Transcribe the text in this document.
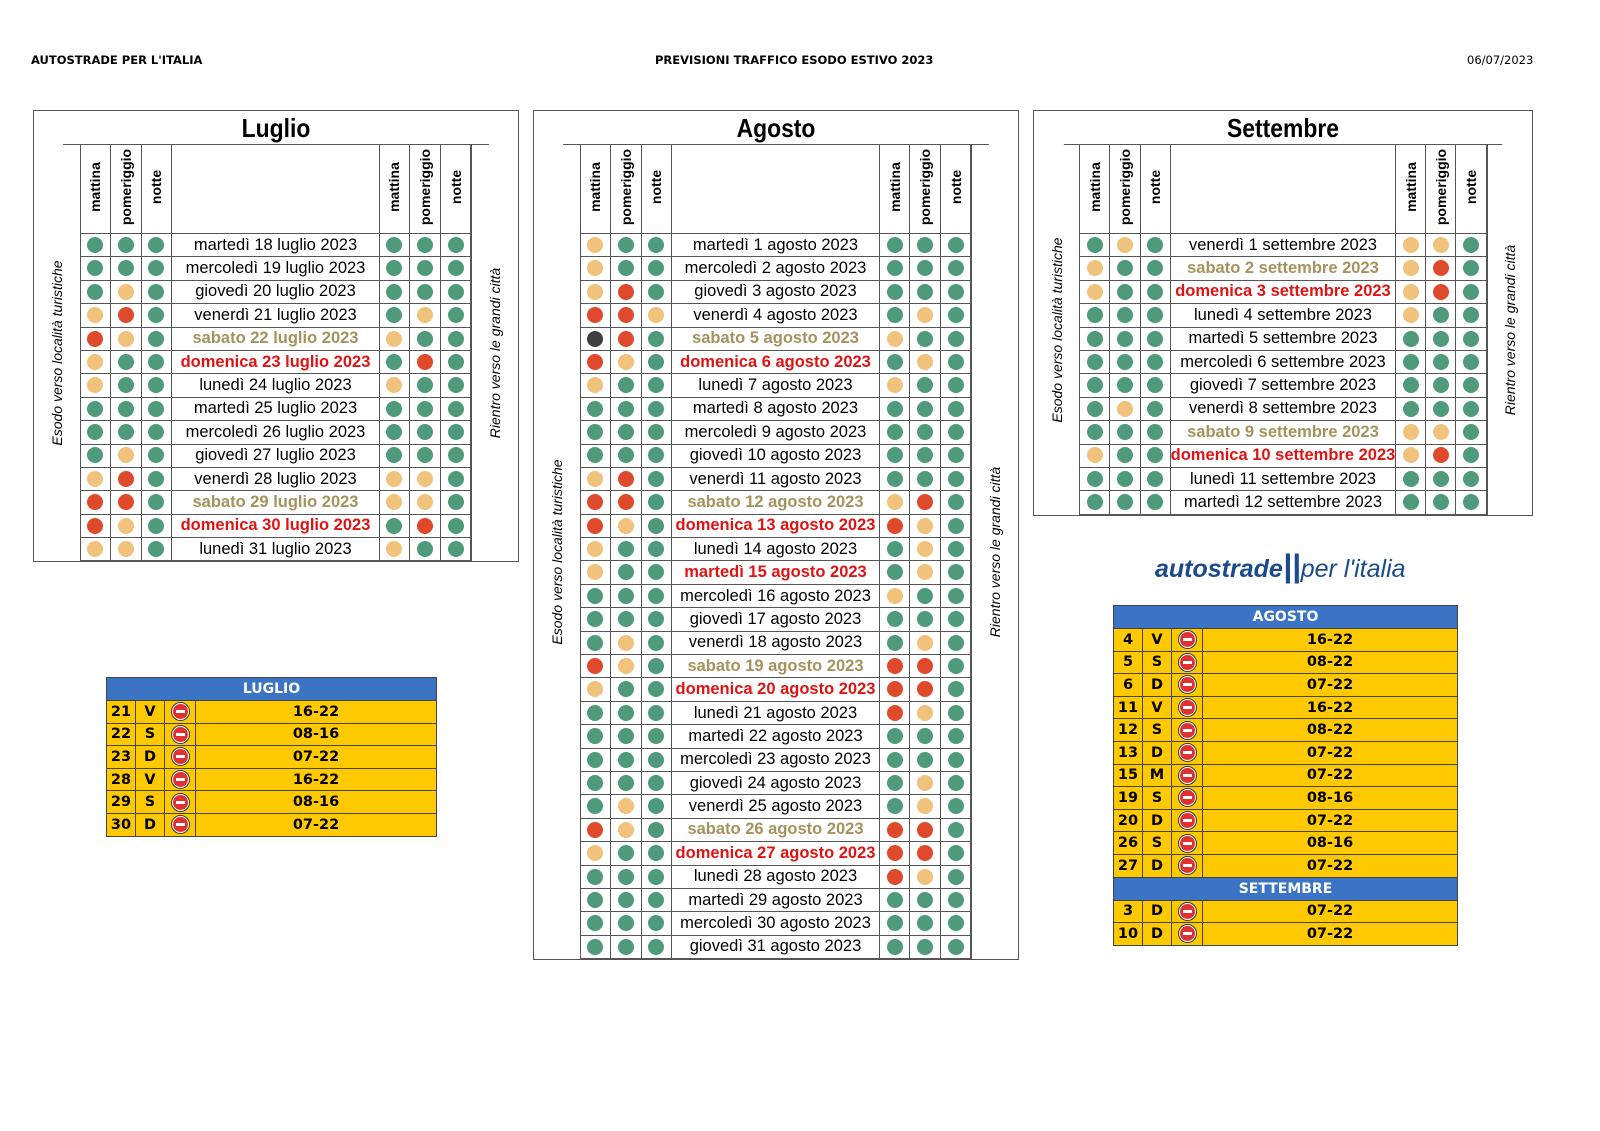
AUTOSTRADE PER L'ITALIA	PREVISIONI TRAFFICO ESODO ESTIVO 2023	06/07/2023
Luglio
Esodo verso località turistiche
mattina	pomeriggio	notte		mattina	pomeriggio	notte

			martedì 18 luglio 2023			
			mercoledì 19 luglio 2023			
			giovedì 20 luglio 2023			
			venerdì 21 luglio 2023			
			sabato 22 luglio 2023			
			domenica 23 luglio 2023			
			lunedì 24 luglio 2023			
			martedì 25 luglio 2023			
			mercoledì 26 luglio 2023			
			giovedì 27 luglio 2023			
			venerdì 28 luglio 2023			
			sabato 29 luglio 2023			
			domenica 30 luglio 2023			
			lunedì 31 luglio 2023			
Rientro verso le grandi città
Agosto
Esodo verso località turistiche
mattina	pomeriggio	notte		mattina	pomeriggio	notte

			martedì 1 agosto 2023			
			mercoledì 2 agosto 2023			
			giovedì 3 agosto 2023			
			venerdì 4 agosto 2023			
			sabato 5 agosto 2023			
			domenica 6 agosto 2023			
			lunedì 7 agosto 2023			
			martedì 8 agosto 2023			
			mercoledì 9 agosto 2023			
			giovedì 10 agosto 2023			
			venerdì 11 agosto 2023			
			sabato 12 agosto 2023			
			domenica 13 agosto 2023			
			lunedì 14 agosto 2023			
			martedì 15 agosto 2023			
			mercoledì 16 agosto 2023			
			giovedì 17 agosto 2023			
			venerdì 18 agosto 2023			
			sabato 19 agosto 2023			
			domenica 20 agosto 2023			
			lunedì 21 agosto 2023			
			martedì 22 agosto 2023			
			mercoledì 23 agosto 2023			
			giovedì 24 agosto 2023			
			venerdì 25 agosto 2023			
			sabato 26 agosto 2023			
			domenica 27 agosto 2023			
			lunedì 28 agosto 2023			
			martedì 29 agosto 2023			
			mercoledì 30 agosto 2023			
			giovedì 31 agosto 2023			
Rientro verso le grandi città
Settembre
Esodo verso località turistiche
mattina	pomeriggio	notte		mattina	pomeriggio	notte

			venerdì 1 settembre 2023			
			sabato 2 settembre 2023			
			domenica 3 settembre 2023			
			lunedì 4 settembre 2023			
			martedì 5 settembre 2023			
			mercoledì 6 settembre 2023			
			giovedì 7 settembre 2023			
			venerdì 8 settembre 2023			
			sabato 9 settembre 2023			
			domenica 10 settembre 2023			
			lunedì 11 settembre 2023			
			martedì 12 settembre 2023			
Rientro verso le grandi città
autostrade||per l'italia
LUGLIO			
21	V		16-22
22	S		08-16
23	D		07-22
28	V		16-22
29	S		08-16
30	D		07-22
AGOSTO			
4	V		16-22
5	S		08-22
6	D		07-22
11	V		16-22
12	S		08-22
13	D		07-22
15	M		07-22
19	S		08-16
20	D		07-22
26	S		08-16
27	D		07-22
SETTEMBRE			
3	D		07-22
10	D		07-22
